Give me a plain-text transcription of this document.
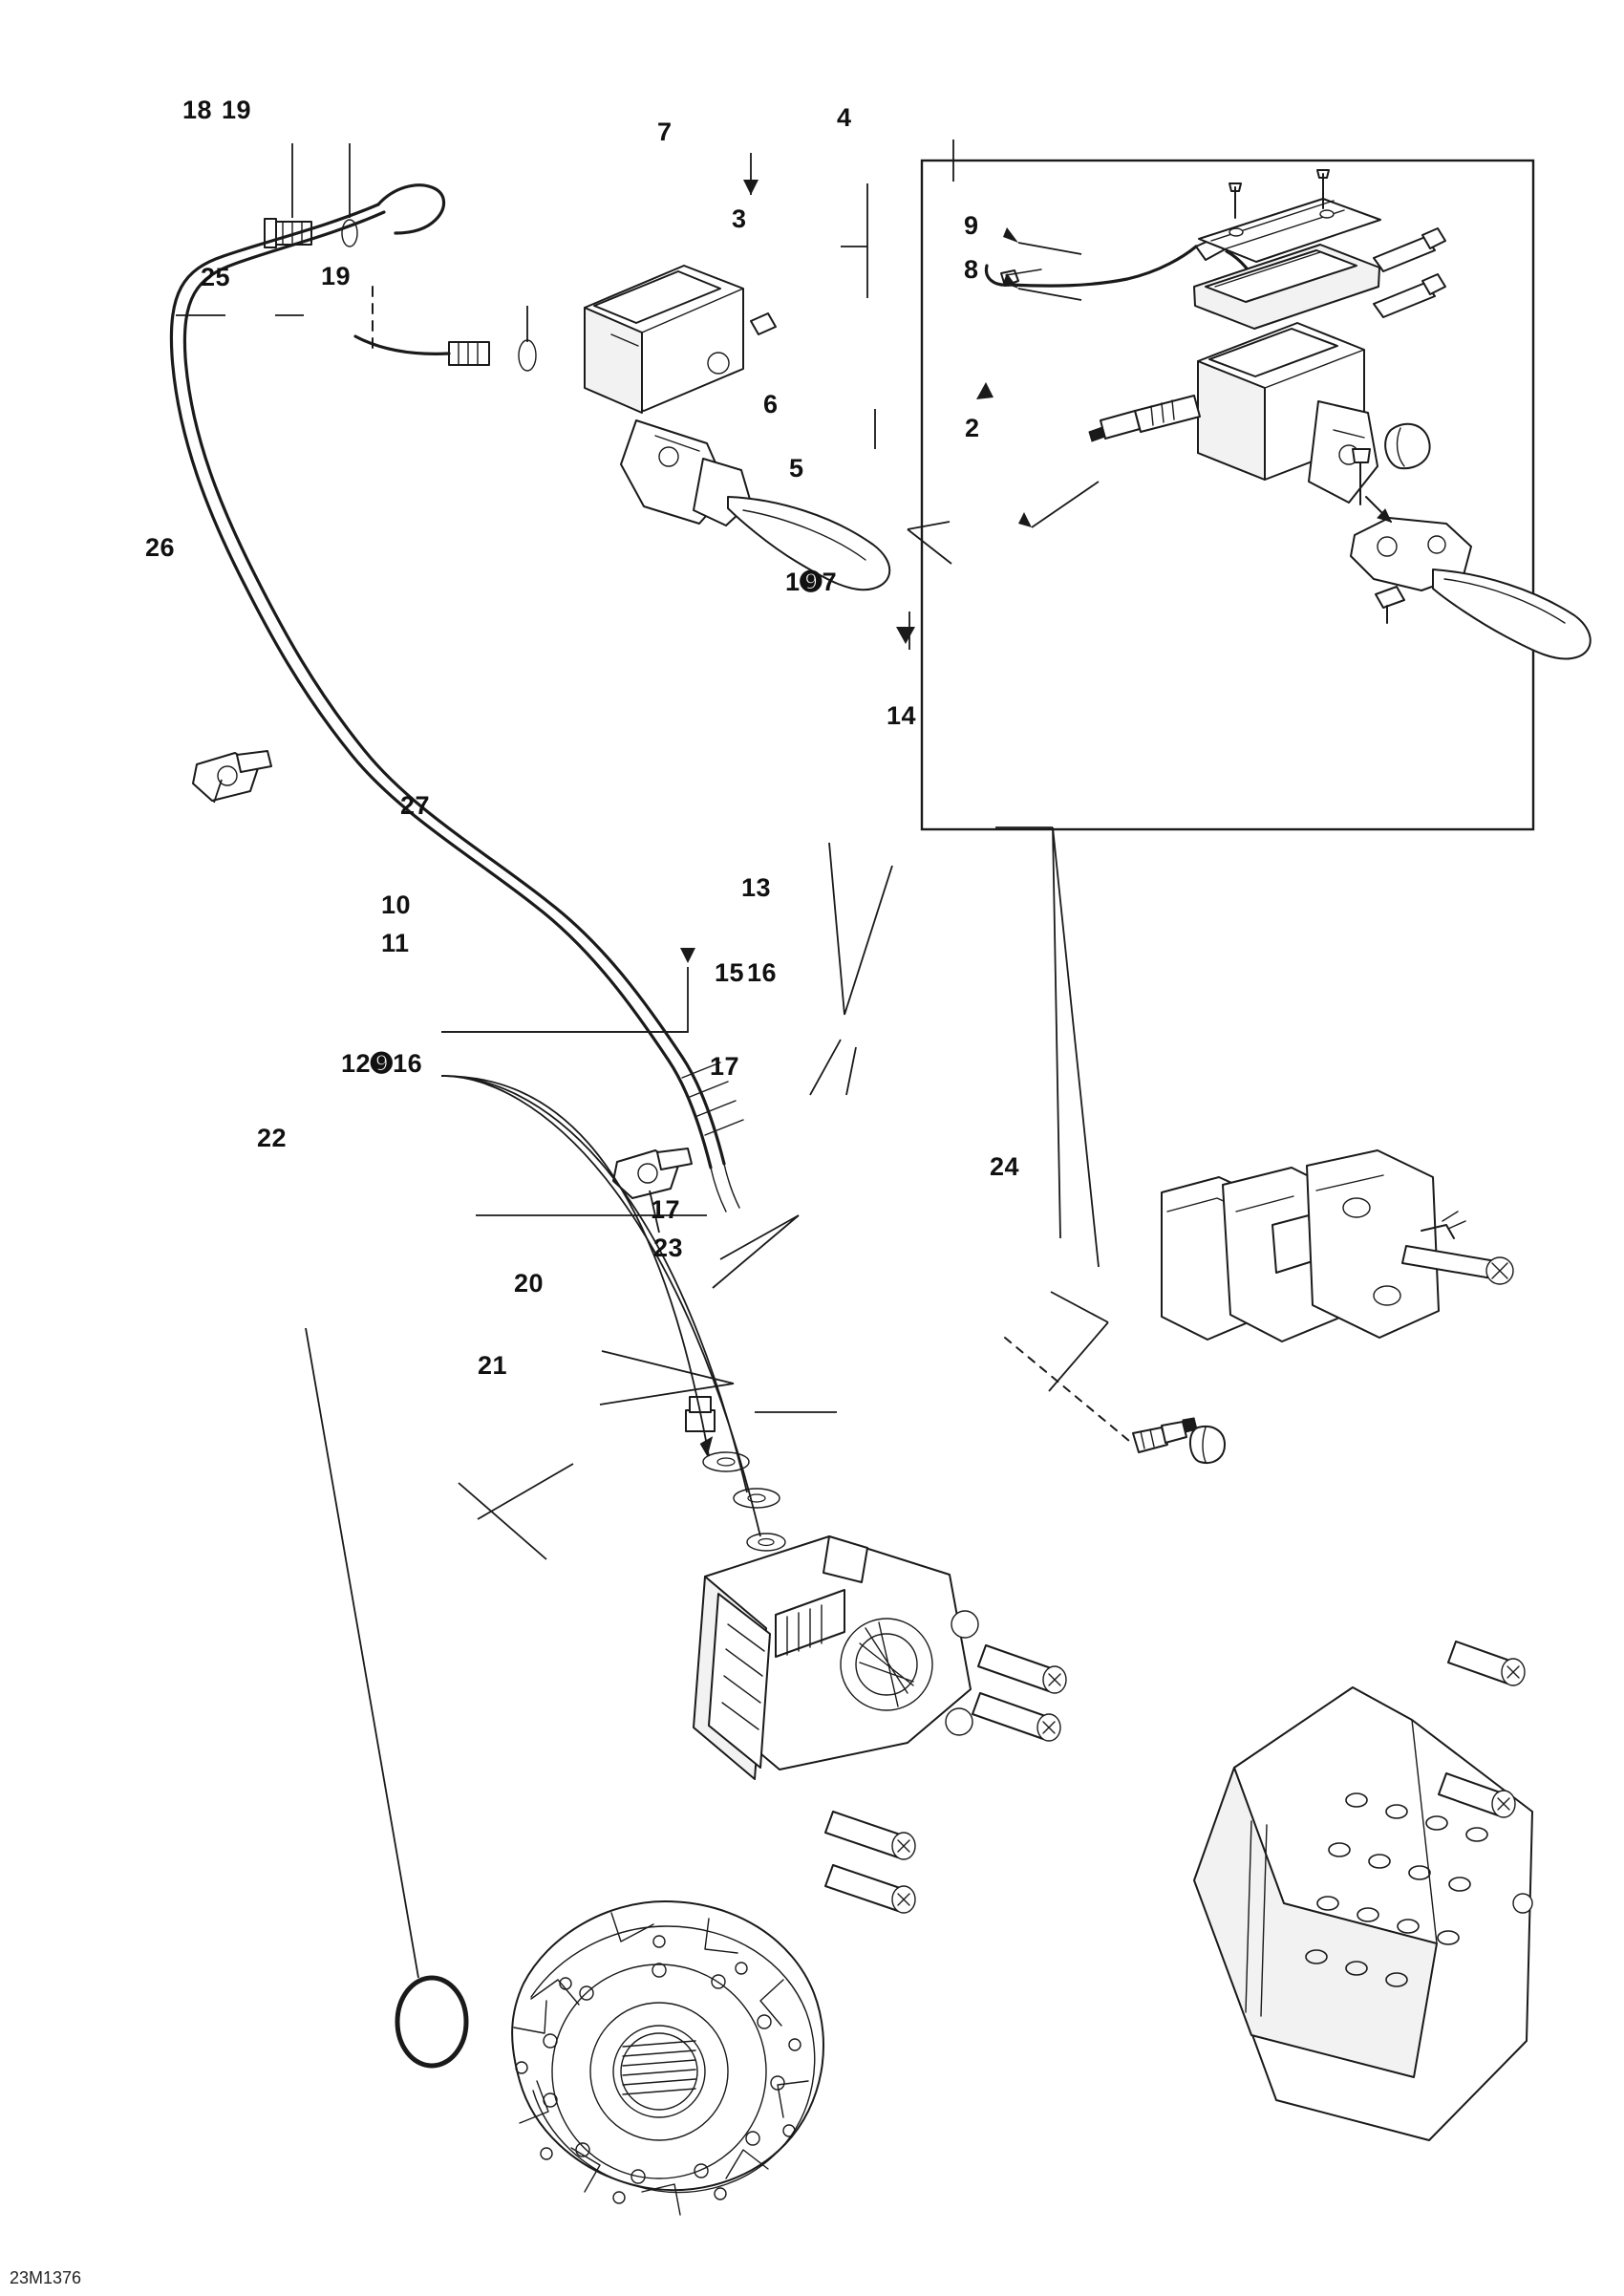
18 19
19
25
26
27
10
11
12➒16
22
20
21
17
17
14
13
15 16
23
24
7	4
3	9
8
6
5
2
1➒7
23M1376
